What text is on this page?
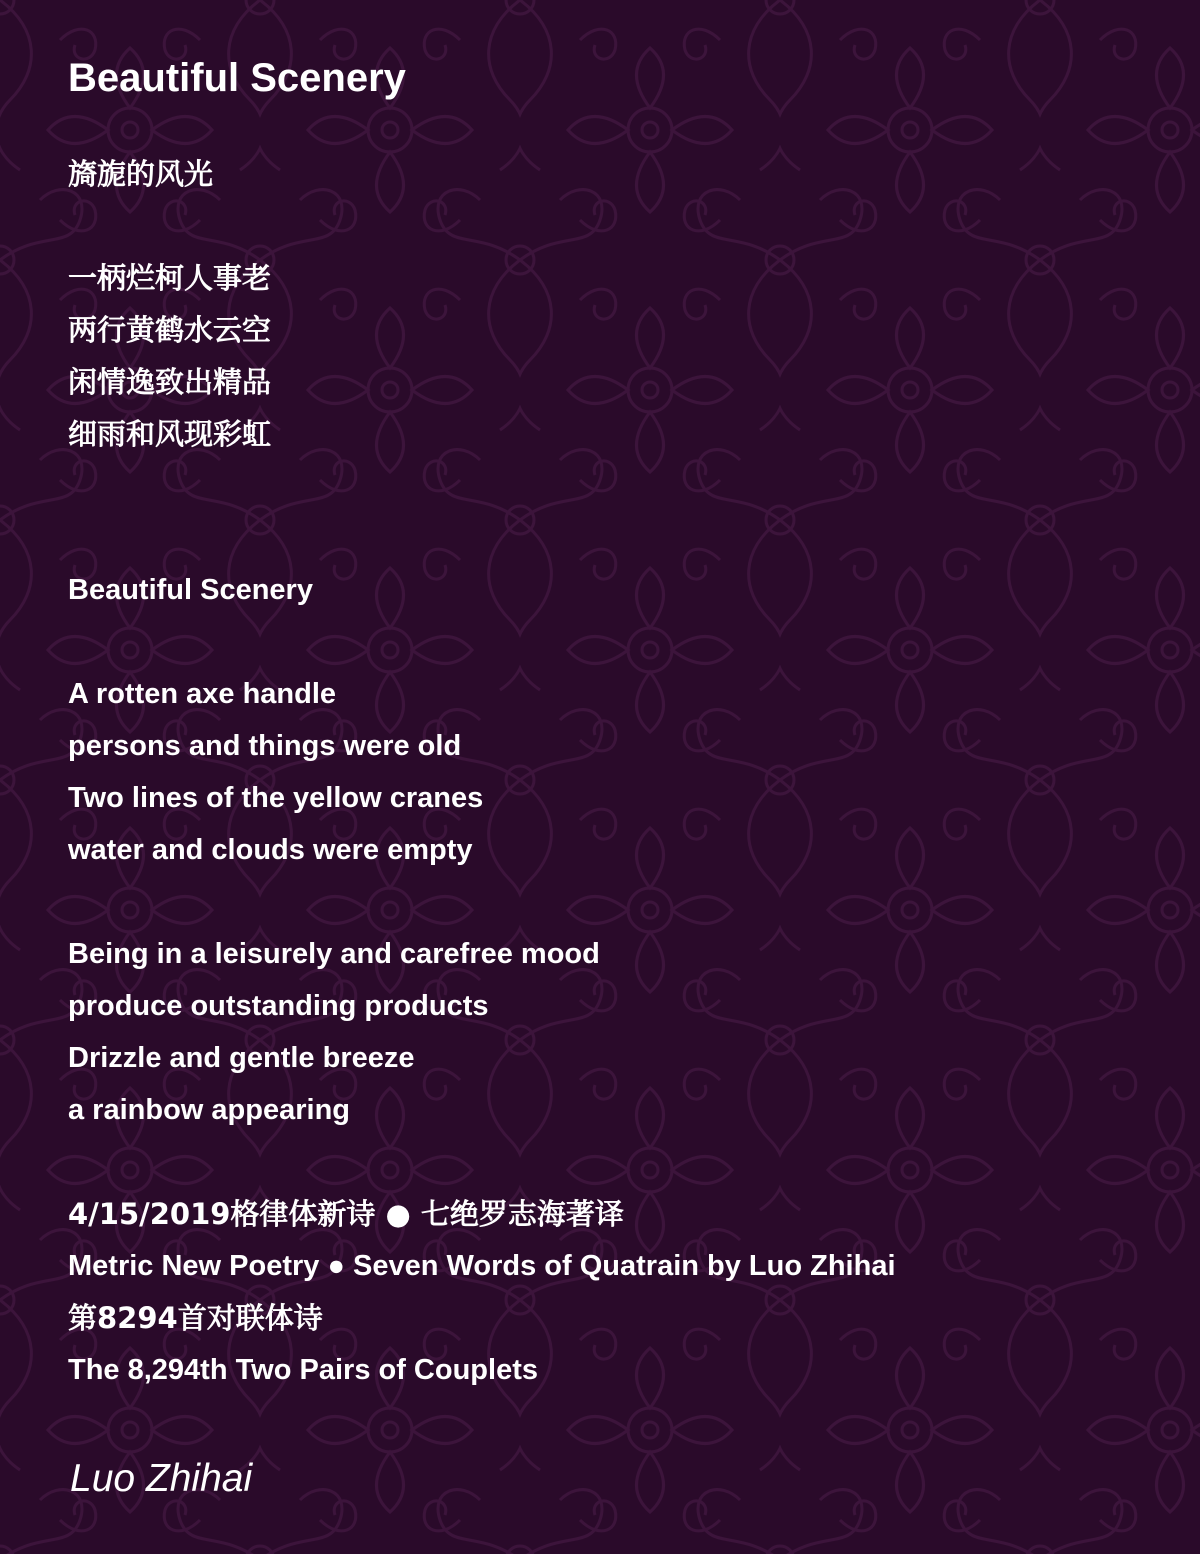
Beautiful Scenery
旖旎的风光
一柄烂柯人事老
两行黄鹤水云空
闲情逸致出精品
细雨和风现彩虹
Beautiful Scenery
A rotten axe handle
persons and things were old
Two lines of the yellow cranes
water and clouds were empty
Being in a leisurely and carefree mood
produce outstanding products
Drizzle and gentle breeze
a rainbow appearing
4/15/2019格律体新诗 ● 七绝罗志海著译
Metric New Poetry ● Seven Words of Quatrain by Luo Zhihai
第8294首对联体诗
The 8,294th Two Pairs of Couplets

Luo Zhihai
